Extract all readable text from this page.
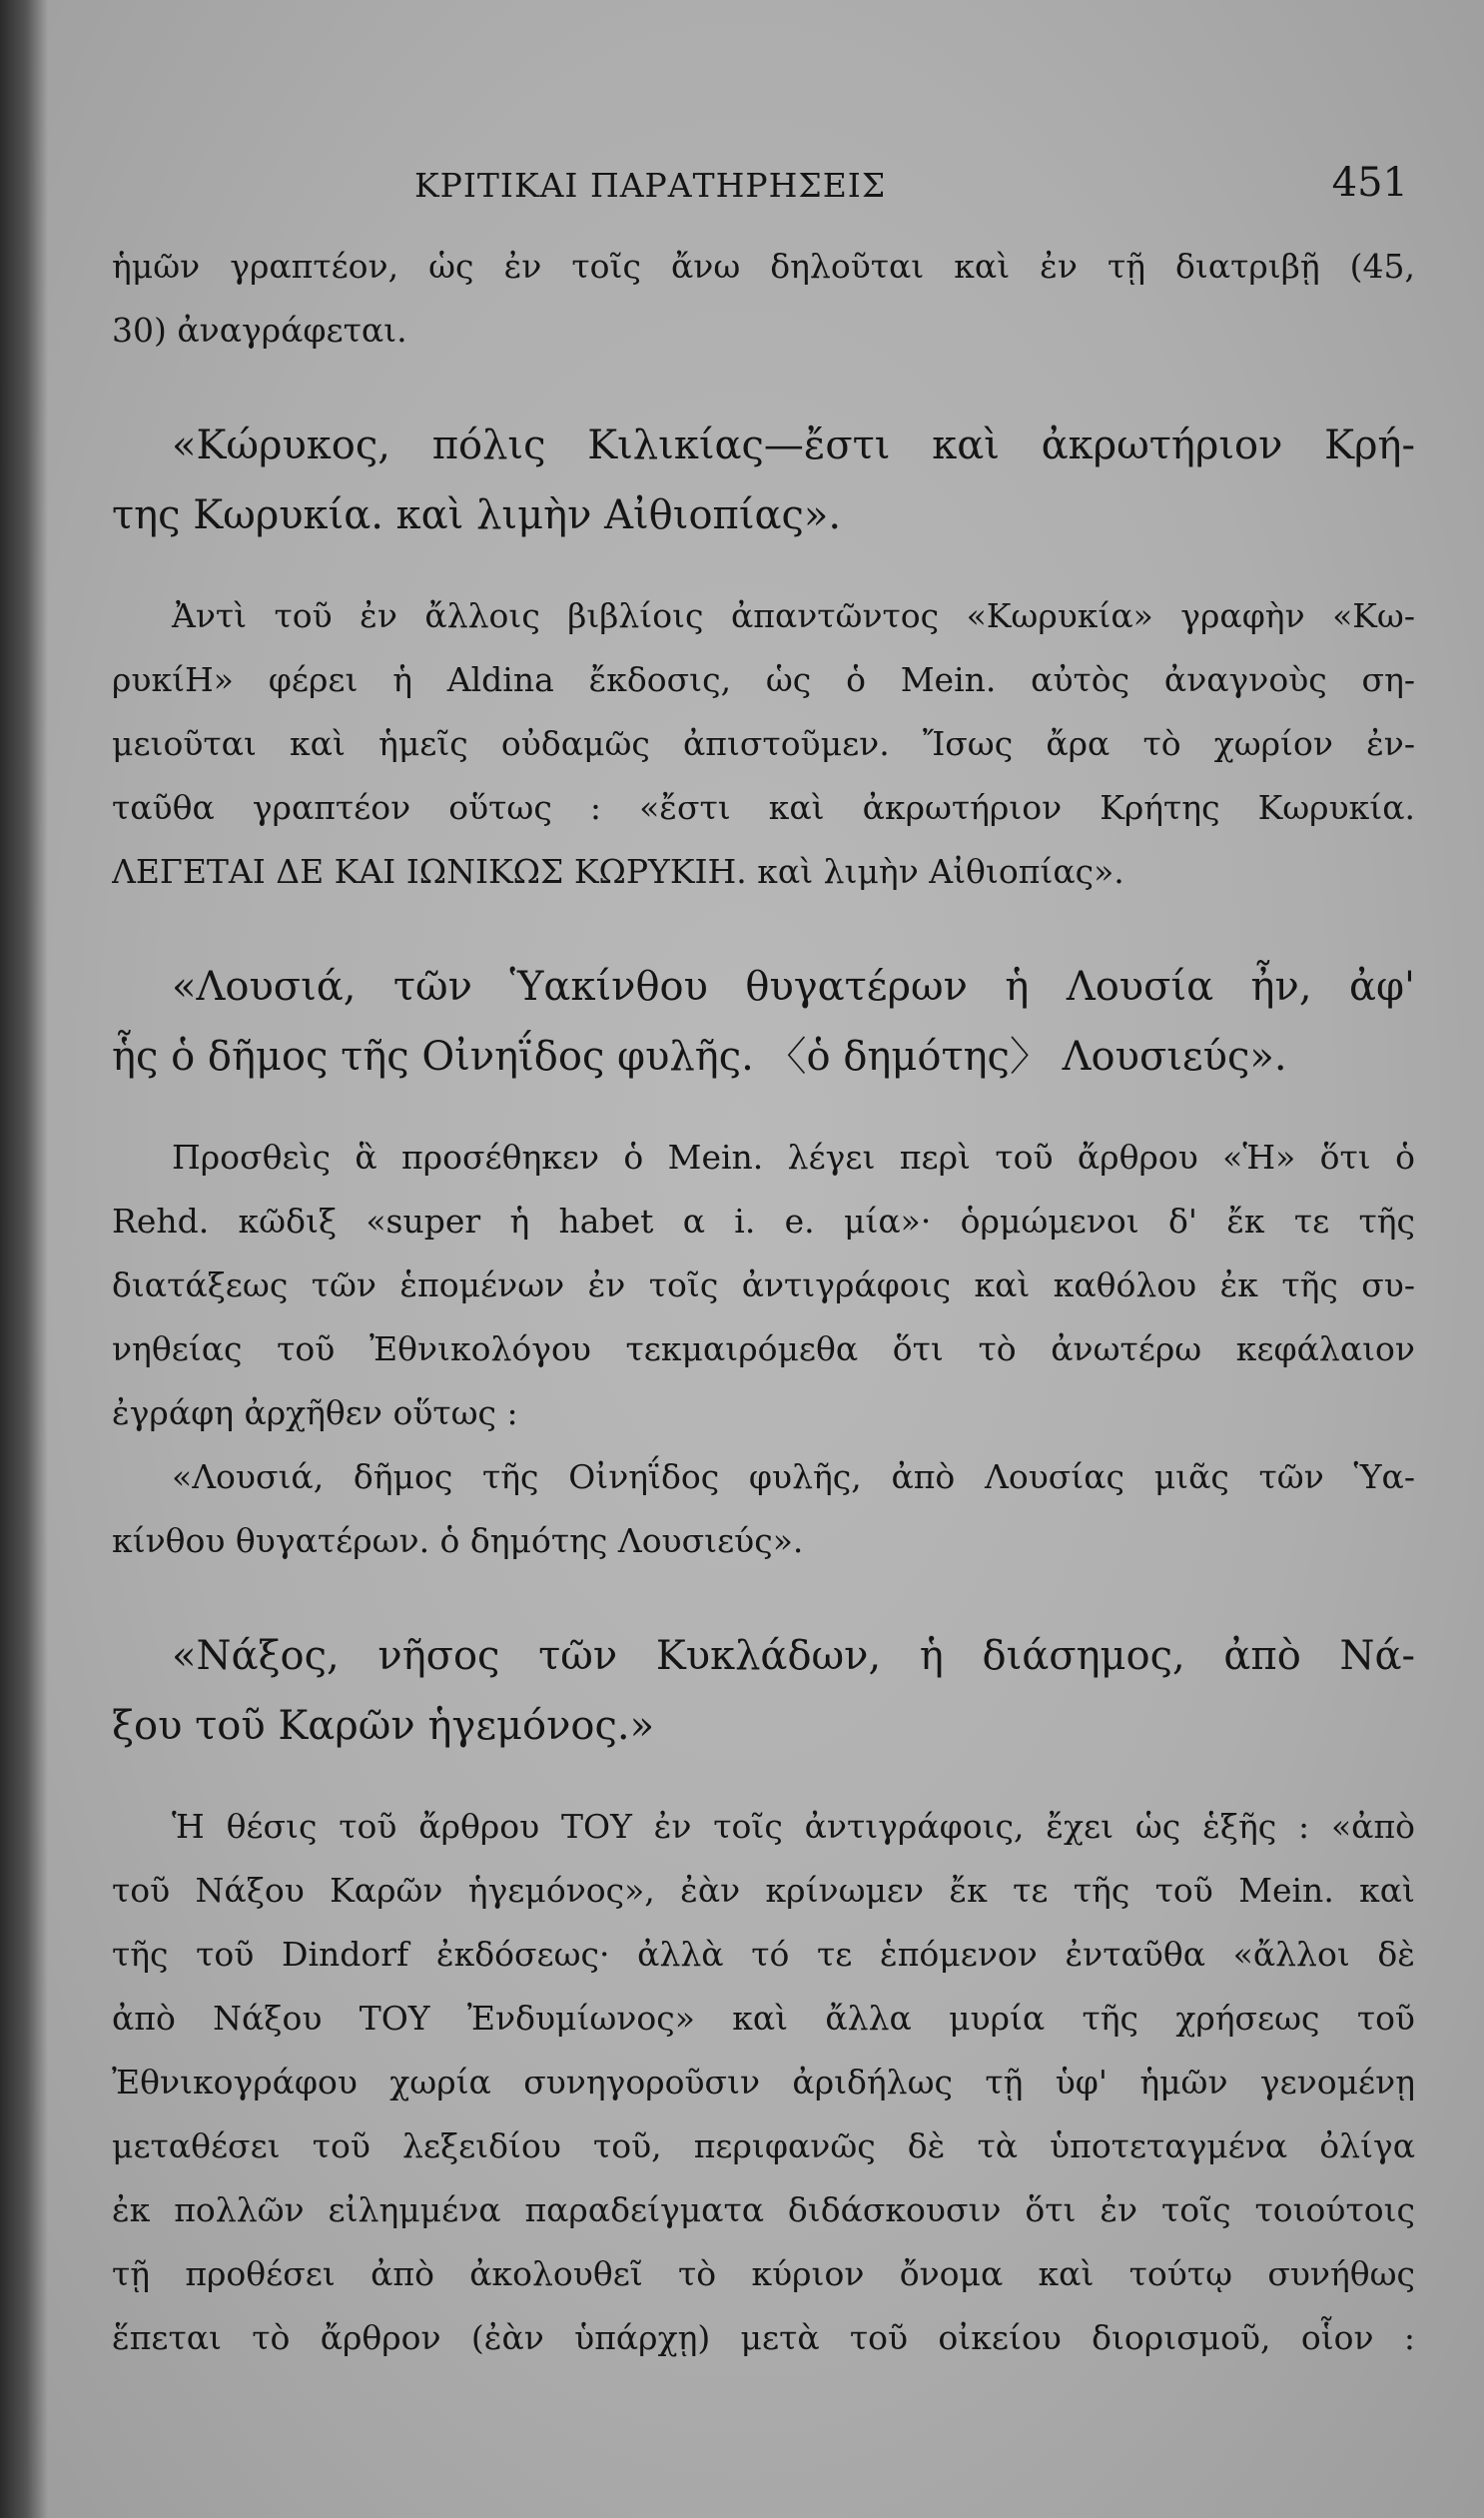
ΚΡΙΤΙΚΑΙ ΠΑΡΑΤΗΡΗΣΕΙΣ	451
ἡμῶν γραπτέον, ὡς ἐν τοῖς ἄνω δηλοῦται καὶ ἐν τῇ διατριβῇ (45,
30) ἀναγράφεται.
«Κώρυκος, πόλις Κιλικίας—ἔστι καὶ ἀκρωτήριον Κρή-
της Κωρυκία. καὶ λιμὴν Αἰθιοπίας».
Ἀντὶ τοῦ ἐν ἄλλοις βιβλίοις ἀπαντῶντος «Κωρυκία» γραφὴν «Κω-
ρυκίΗ» φέρει ἡ Aldina ἔκδοσις, ὡς ὁ Mein. αὐτὸς ἀναγνοὺς ση-
μειοῦται καὶ ἡμεῖς οὐδαμῶς ἀπιστοῦμεν. Ἴσως ἄρα τὸ χωρίον ἐν-
ταῦθα γραπτέον οὕτως : «ἔστι καὶ ἀκρωτήριον Κρήτης Κωρυκία.
ΛΕΓΕΤΑΙ ΔΕ ΚΑΙ ΙΩΝΙΚΩΣ ΚΩΡΥΚΙΗ. καὶ λιμὴν Αἰθιοπίας».
«Λουσιά, τῶν Ὑακίνθου θυγατέρων ἡ Λουσία ἦν, ἀφ'
ἧς ὁ δῆμος τῆς Οἰνηΐδος φυλῆς. 〈ὁ δημότης〉 Λουσιεύς».
Προσθεὶς ἃ προσέθηκεν ὁ Mein. λέγει περὶ τοῦ ἄρθρου «Ἡ» ὅτι ὁ
Rehd. κῶδιξ «super ἡ habet α i. e. μία»· ὁρμώμενοι δ' ἔκ τε τῆς
διατάξεως τῶν ἑπομένων ἐν τοῖς ἀντιγράφοις καὶ καθόλου ἐκ τῆς συ-
νηθείας τοῦ Ἐθνικολόγου τεκμαιρόμεθα ὅτι τὸ ἀνωτέρω κεφάλαιον
ἐγράφη ἀρχῆθεν οὕτως :
«Λουσιά, δῆμος τῆς Οἰνηΐδος φυλῆς, ἀπὸ Λουσίας μιᾶς τῶν Ὑα-
κίνθου θυγατέρων. ὁ δημότης Λουσιεύς».
«Νάξος, νῆσος τῶν Κυκλάδων, ἡ διάσημος, ἀπὸ Νά-
ξου τοῦ Καρῶν ἡγεμόνος.»
Ἡ θέσις τοῦ ἄρθρου ΤΟΥ ἐν τοῖς ἀντιγράφοις, ἔχει ὡς ἑξῆς : «ἀπὸ
τοῦ Νάξου Καρῶν ἡγεμόνος», ἐὰν κρίνωμεν ἔκ τε τῆς τοῦ Mein. καὶ
τῆς τοῦ Dindorf ἐκδόσεως· ἀλλὰ τό τε ἑπόμενον ἐνταῦθα «ἄλλοι δὲ
ἀπὸ Νάξου ΤΟΥ Ἐνδυμίωνος» καὶ ἄλλα μυρία τῆς χρήσεως τοῦ
Ἐθνικογράφου χωρία συνηγοροῦσιν ἀριδήλως τῇ ὑφ' ἡμῶν γενομένῃ
μεταθέσει τοῦ λεξειδίου τοῦ, περιφανῶς δὲ τὰ ὑποτεταγμένα ὀλίγα
ἐκ πολλῶν εἰλημμένα παραδείγματα διδάσκουσιν ὅτι ἐν τοῖς τοιούτοις
τῇ προθέσει ἀπὸ ἀκολουθεῖ τὸ κύριον ὄνομα καὶ τούτῳ συνήθως
ἕπεται τὸ ἄρθρον (ἐὰν ὑπάρχῃ) μετὰ τοῦ οἰκείου διορισμοῦ, οἷον :
